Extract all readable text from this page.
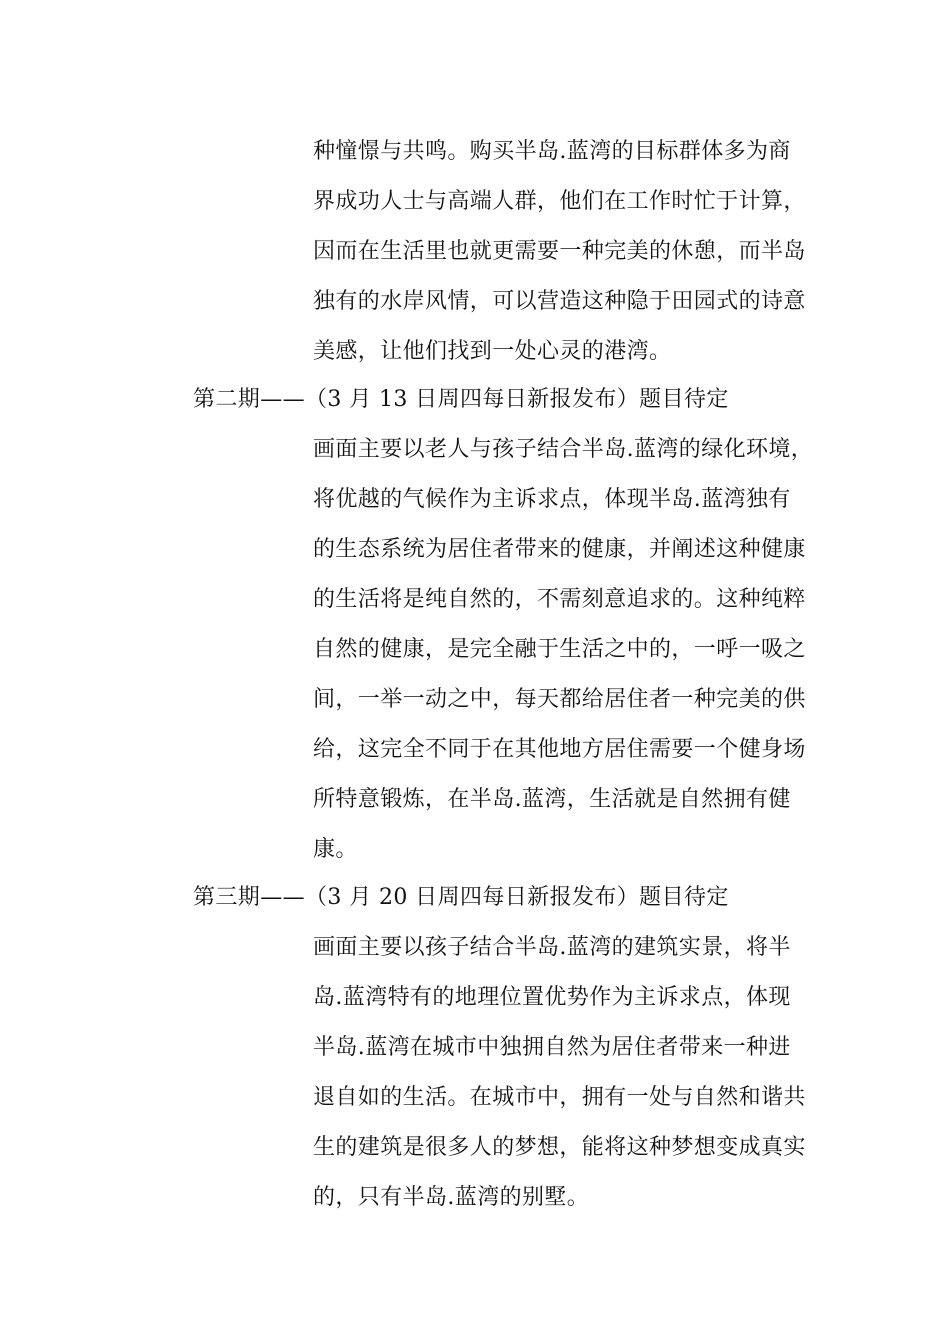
种憧憬与共鸣。购买半岛.蓝湾的目标群体多为商
界成功人士与高端人群，他们在工作时忙于计算，
因而在生活里也就更需要一种完美的休憩，而半岛
独有的水岸风情，可以营造这种隐于田园式的诗意
美感，让他们找到一处心灵的港湾。
第二期——（3 月 13 日周四每日新报发布）题目待定
画面主要以老人与孩子结合半岛.蓝湾的绿化环境，
将优越的气候作为主诉求点，体现半岛.蓝湾独有
的生态系统为居住者带来的健康，并阐述这种健康
的生活将是纯自然的，不需刻意追求的。这种纯粹
自然的健康，是完全融于生活之中的，一呼一吸之
间，一举一动之中，每天都给居住者一种完美的供
给，这完全不同于在其他地方居住需要一个健身场
所特意锻炼，在半岛.蓝湾，生活就是自然拥有健
康。
第三期——（3 月 20 日周四每日新报发布）题目待定
画面主要以孩子结合半岛.蓝湾的建筑实景，将半
岛.蓝湾特有的地理位置优势作为主诉求点，体现
半岛.蓝湾在城市中独拥自然为居住者带来一种进
退自如的生活。在城市中，拥有一处与自然和谐共
生的建筑是很多人的梦想，能将这种梦想变成真实
的，只有半岛.蓝湾的别墅。
